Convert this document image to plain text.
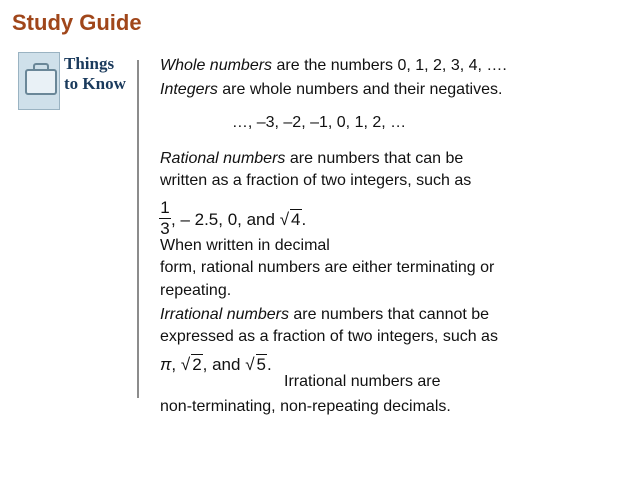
Study Guide
Things
to Know
Whole numbers are the numbers 0, 1, 2, 3, 4, ….
Integers are whole numbers and their negatives.
…, –3, –2, –1, 0, 1, 2, …
Rational numbers are numbers that can be
written as a fraction of two integers, such as
1
3 , – 2.5, 0, and √ 4.
When written in decimal
form, rational numbers are either terminating or
repeating.
Irrational numbers are numbers that cannot be
expressed as a fraction of two integers, such as
π, √ 2, and √ 5.
Irrational numbers are
non-terminating, non-repeating decimals.
